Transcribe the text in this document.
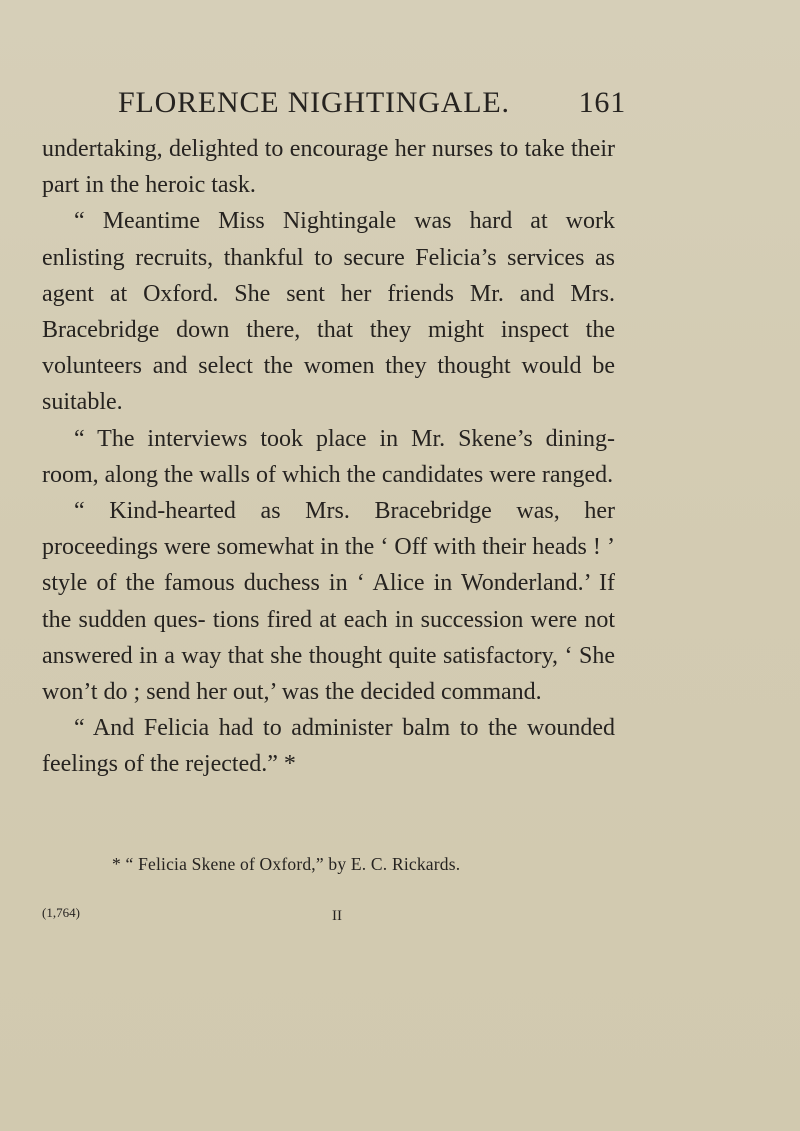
FLORENCE NIGHTINGALE. 161

undertaking, delighted to encourage her nurses to take their part in the heroic task.

“ Meantime Miss Nightingale was hard at work enlisting recruits, thankful to secure Felicia’s services as agent at Oxford. She sent her friends Mr. and Mrs. Bracebridge down there, that they might inspect the volunteers and select the women they thought would be suitable.

“ The interviews took place in Mr. Skene’s dining-room, along the walls of which the candidates were ranged.

“ Kind-hearted as Mrs. Bracebridge was, her proceedings were somewhat in the ‘ Off with their heads ! ’ style of the famous duchess in ‘ Alice in Wonderland.’ If the sudden ques- tions fired at each in succession were not answered in a way that she thought quite satisfactory, ‘ She won’t do ; send her out,’ was the decided command.

“ And Felicia had to administer balm to the wounded feelings of the rejected.” *

* “ Felicia Skene of Oxford,” by E. C. Rickards.
(1,764)	II
